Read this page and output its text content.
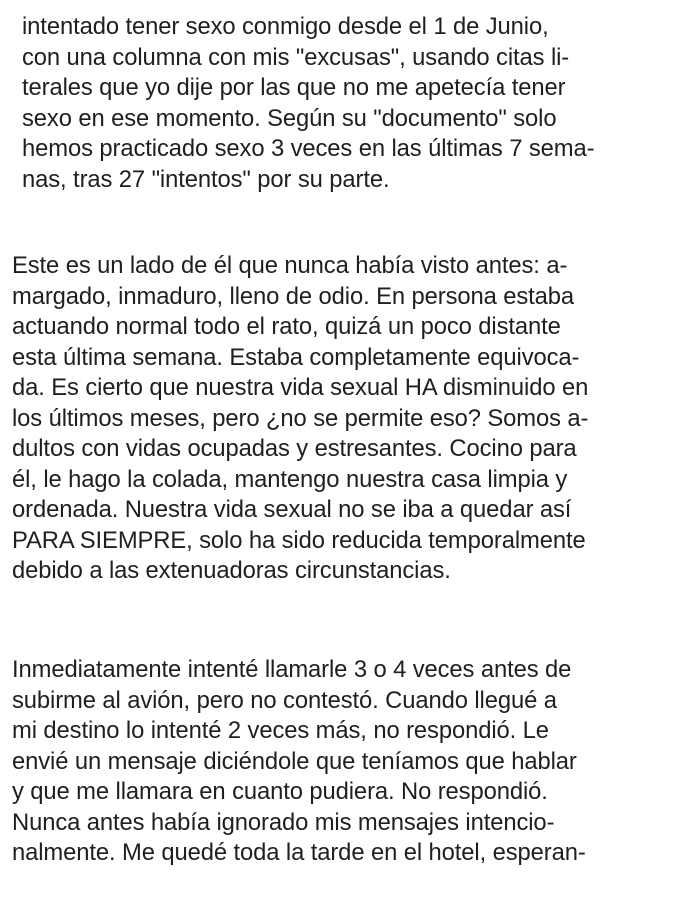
intentado tener sexo conmigo desde el 1 de Junio,
con una columna con mis "excusas", usando citas li-
terales que yo dije por las que no me apetecía tener
sexo en ese momento. Según su "documento" solo
hemos practicado sexo 3 veces en las últimas 7 sema-
nas, tras 27 "intentos" por su parte.
Este es un lado de él que nunca había visto antes: a-
margado, inmaduro, lleno de odio. En persona estaba
actuando normal todo el rato, quizá un poco distante
esta última semana. Estaba completamente equivoca-
da. Es cierto que nuestra vida sexual HA disminuido en
los últimos meses, pero ¿no se permite eso? Somos a-
dultos con vidas ocupadas y estresantes. Cocino para
él, le hago la colada, mantengo nuestra casa limpia y
ordenada. Nuestra vida sexual no se iba a quedar así
PARA SIEMPRE, solo ha sido reducida temporalmente
debido a las extenuadoras circunstancias.
Inmediatamente intenté llamarle 3 o 4 veces antes de
subirme al avión, pero no contestó. Cuando llegué a
mi destino lo intenté 2 veces más, no respondió. Le
envié un mensaje diciéndole que teníamos que hablar
y que me llamara en cuanto pudiera. No respondió.
Nunca antes había ignorado mis mensajes intencio-
nalmente. Me quedé toda la tarde en el hotel, esperan-
